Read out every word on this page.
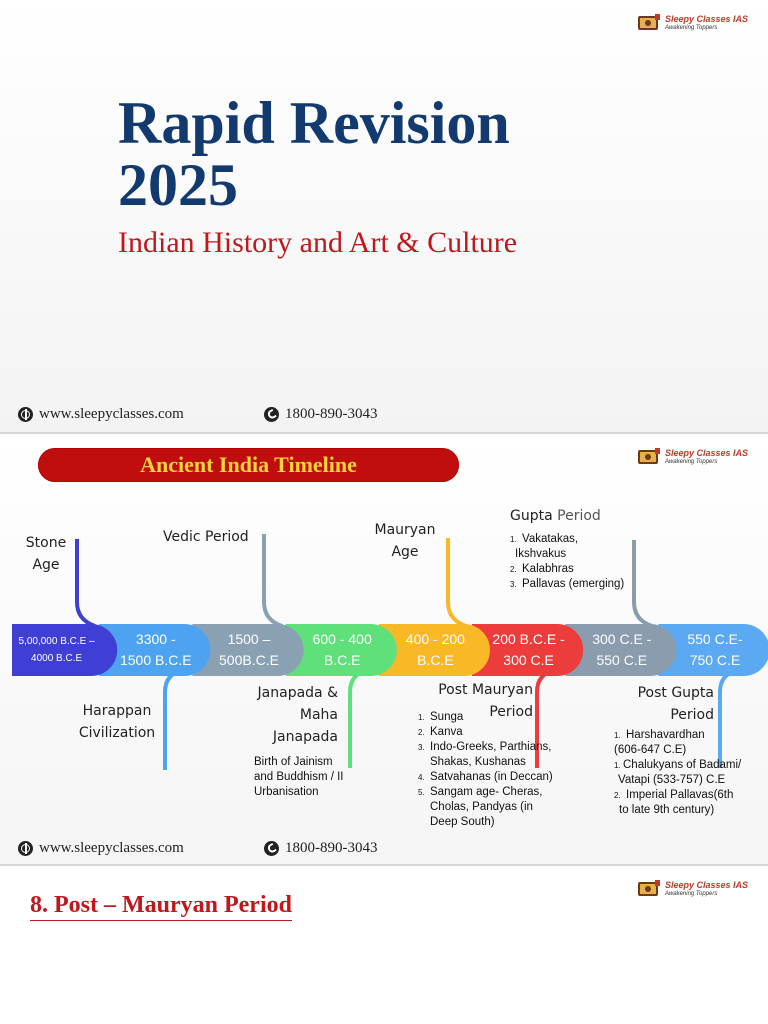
Sleepy Classes IAS
Awakening Toppers
Rapid Revision
2025
Indian History and Art & Culture
www.sleepyclasses.com	1800-890-3043
Sleepy Classes IAS
Awakening Toppers
Ancient India Timeline
550 C.E-
750 C.E
300 C.E -
550 C.E
200 B.C.E -
300 C.E
400 - 200
B.C.E
600 - 400
B.C.E
1500 –
500B.C.E
3300 -
1500 B.C.E
5,00,000 B.C.E –
4000 B.C.E
Stone
Age
Vedic Period	Mauryan
Age
Gupta Period
1. Vakatakas,
Ikshvakus
2. Kalabhras
3. Pallavas (emerging)
Harappan
Civilization
Janapada &
Maha
Janapada
Birth of Jainism
and Buddhism / II
Urbanisation
Post Mauryan
Period
1. Sunga
2. Kanva
3. Indo-Greeks, Parthians,
Shakas, Kushanas
4. Satvahanas (in Deccan)
5. Sangam age- Cheras,
Cholas, Pandyas (in
Deep South)
Post Gupta
Period
1. Harshavardhan
(606-647 C.E)
1. Chalukyans of Badami/
Vatapi (533-757) C.E
2. Imperial Pallavas(6th
to late 9th century)
www.sleepyclasses.com	1800-890-3043
Sleepy Classes IAS
Awakening Toppers
8. Post – Mauryan Period
